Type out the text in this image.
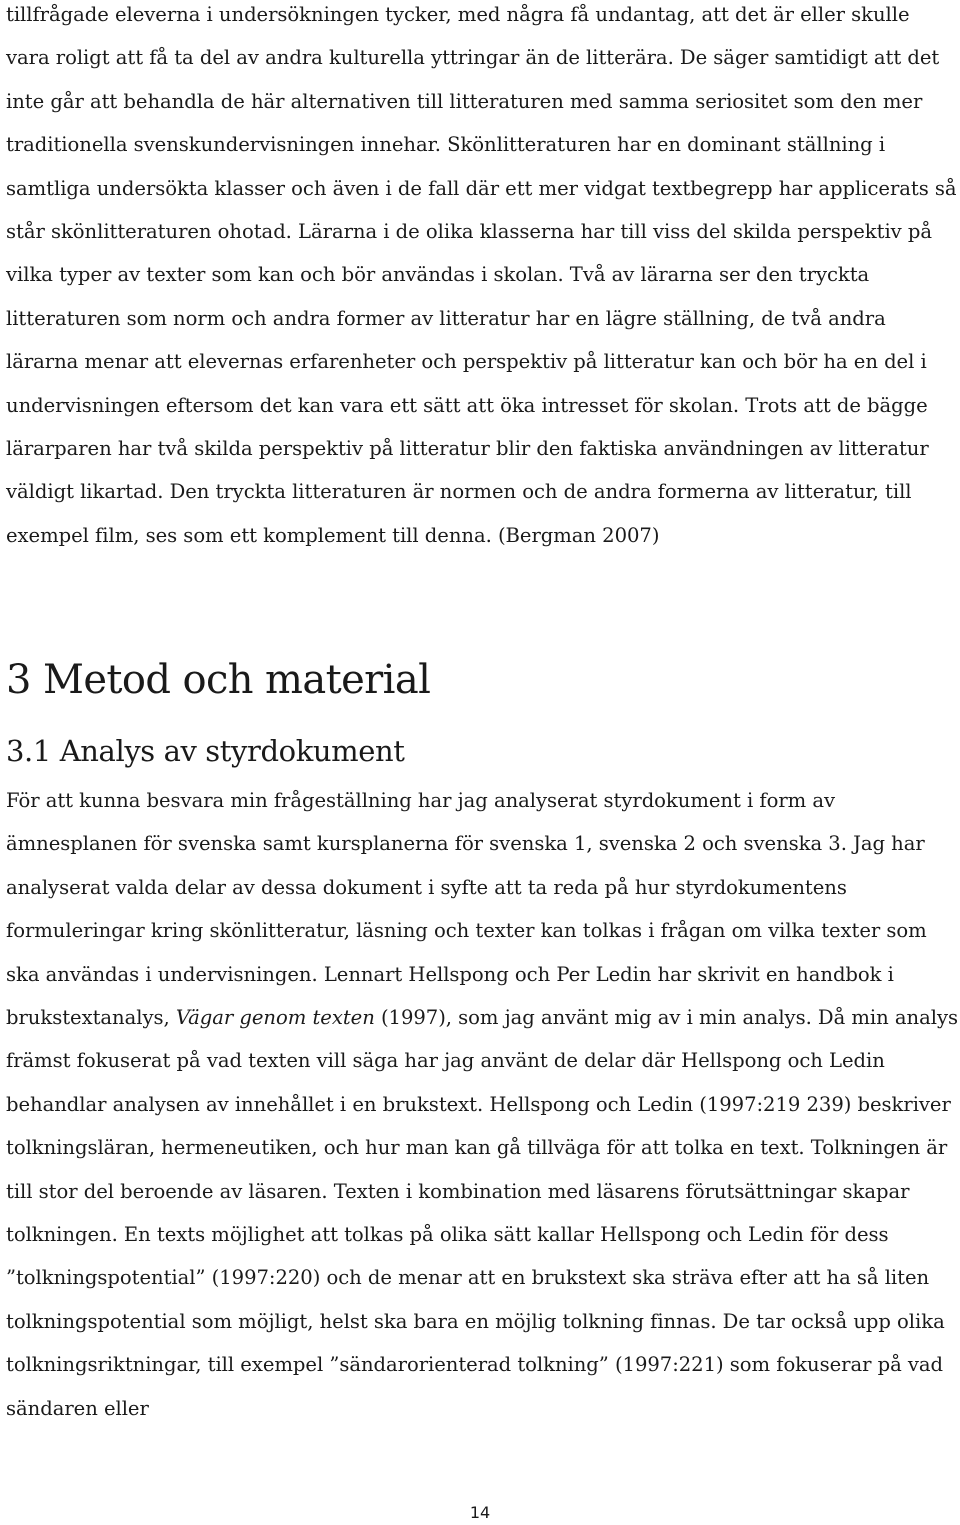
tillfrågade eleverna i undersökningen tycker, med några få undantag, att det är eller skulle vara roligt att få ta del av andra kulturella yttringar än de litterära. De säger samtidigt att det inte går att behandla de här alternativen till litteraturen med samma seriositet som den mer traditionella svenskundervisningen innehar. Skönlitteraturen har en dominant ställning i samtliga undersökta klasser och även i de fall där ett mer vidgat textbegrepp har applicerats så står skönlitteraturen ohotad. Lärarna i de olika klasserna har till viss del skilda perspektiv på vilka typer av texter som kan och bör användas i skolan. Två av lärarna ser den tryckta litteraturen som norm och andra former av litteratur har en lägre ställning, de två andra lärarna menar att elevernas erfarenheter och perspektiv på litteratur kan och bör ha en del i undervisningen eftersom det kan vara ett sätt att öka intresset för skolan. Trots att de bägge lärarparen har två skilda perspektiv på litteratur blir den faktiska användningen av litteratur väldigt likartad. Den tryckta litteraturen är normen och de andra formerna av litteratur, till exempel film, ses som ett komplement till denna. (Bergman 2007)

3 Metod och material
3.1 Analys av styrdokument

För att kunna besvara min frågeställning har jag analyserat styrdokument i form av ämnesplanen för svenska samt kursplanerna för svenska 1, svenska 2 och svenska 3. Jag har analyserat valda delar av dessa dokument i syfte att ta reda på hur styrdokumentens formuleringar kring skönlitteratur, läsning och texter kan tolkas i frågan om vilka texter som ska användas i undervisningen. Lennart Hellspong och Per Ledin har skrivit en handbok i brukstextanalys, Vägar genom texten (1997), som jag använt mig av i min analys. Då min analys främst fokuserat på vad texten vill säga har jag använt de delar där Hellspong och Ledin behandlar analysen av innehållet i en brukstext. Hellspong och Ledin (1997:219 239) beskriver tolkningsläran, hermeneutiken, och hur man kan gå tillväga för att tolka en text. Tolkningen är till stor del beroende av läsaren. Texten i kombination med läsarens förutsättningar skapar tolkningen. En texts möjlighet att tolkas på olika sätt kallar Hellspong och Ledin för dess ”tolkningspotential” (1997:220) och de menar att en brukstext ska sträva efter att ha så liten tolkningspotential som möjligt, helst ska bara en möjlig tolkning finnas. De tar också upp olika tolkningsriktningar, till exempel ”sändarorienterad tolkning” (1997:221) som fokuserar på vad sändaren eller

14
